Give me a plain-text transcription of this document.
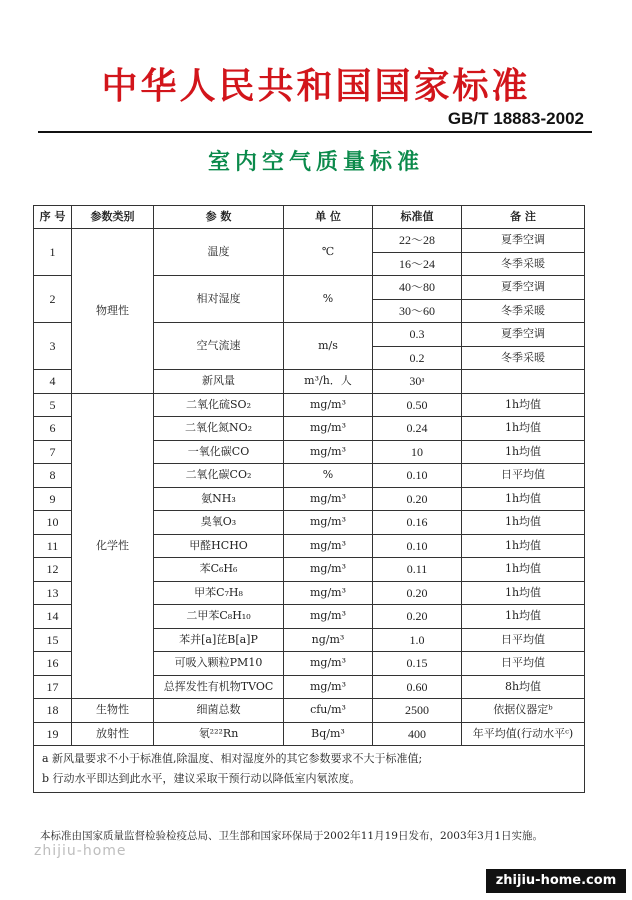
中华人民共和国国家标准
GB/T 18883-2002
室内空气质量标准
序 号	参数类别	参 数	单 位	标准值	备 注
1	物理性	温度	℃	22～28	夏季空调
				16～24	冬季采暖
2		相对湿度	%	40～80	夏季空调
				30～60	冬季采暖
3		空气流速	m/s	0.3	夏季空调
				0.2	冬季采暖
4		新风量	m³/h．人	30ᵃ	
5	化学性	二氧化硫SO₂	mg/m³	0.50	1h均值
6		二氧化氮NO₂	mg/m³	0.24	1h均值
7		一氧化碳CO	mg/m³	10	1h均值
8		二氧化碳CO₂	%	0.10	日平均值
9		氨NH₃	mg/m³	0.20	1h均值
10		臭氧O₃	mg/m³	0.16	1h均值
11		甲醛HCHO	mg/m³	0.10	1h均值
12		苯C₆H₆	mg/m³	0.11	1h均值
13		甲苯C₇H₈	mg/m³	0.20	1h均值
14		二甲苯C₈H₁₀	mg/m³	0.20	1h均值
15		苯并[a]芘B[a]P	ng/m³	1.0	日平均值
16		可吸入颗粒PM10	mg/m³	0.15	日平均值
17		总挥发性有机物TVOC	mg/m³	0.60	8h均值
18	生物性	细菌总数	cfu/m³	2500	依据仪器定ᵇ
19	放射性	氡²²²Rn	Bq/m³	400	年平均值(行动水平ᶜ)

a 新风量要求不小于标准值,除温度、相对湿度外的其它参数要求不大于标准值;
b 行动水平即达到此水平，建议采取干预行动以降低室内氡浓度。					
本标准由国家质量监督检验检疫总局、卫生部和国家环保局于2002年11月19日发布，2003年3月1日实施。
zhijiu-home
zhijiu-home.com
